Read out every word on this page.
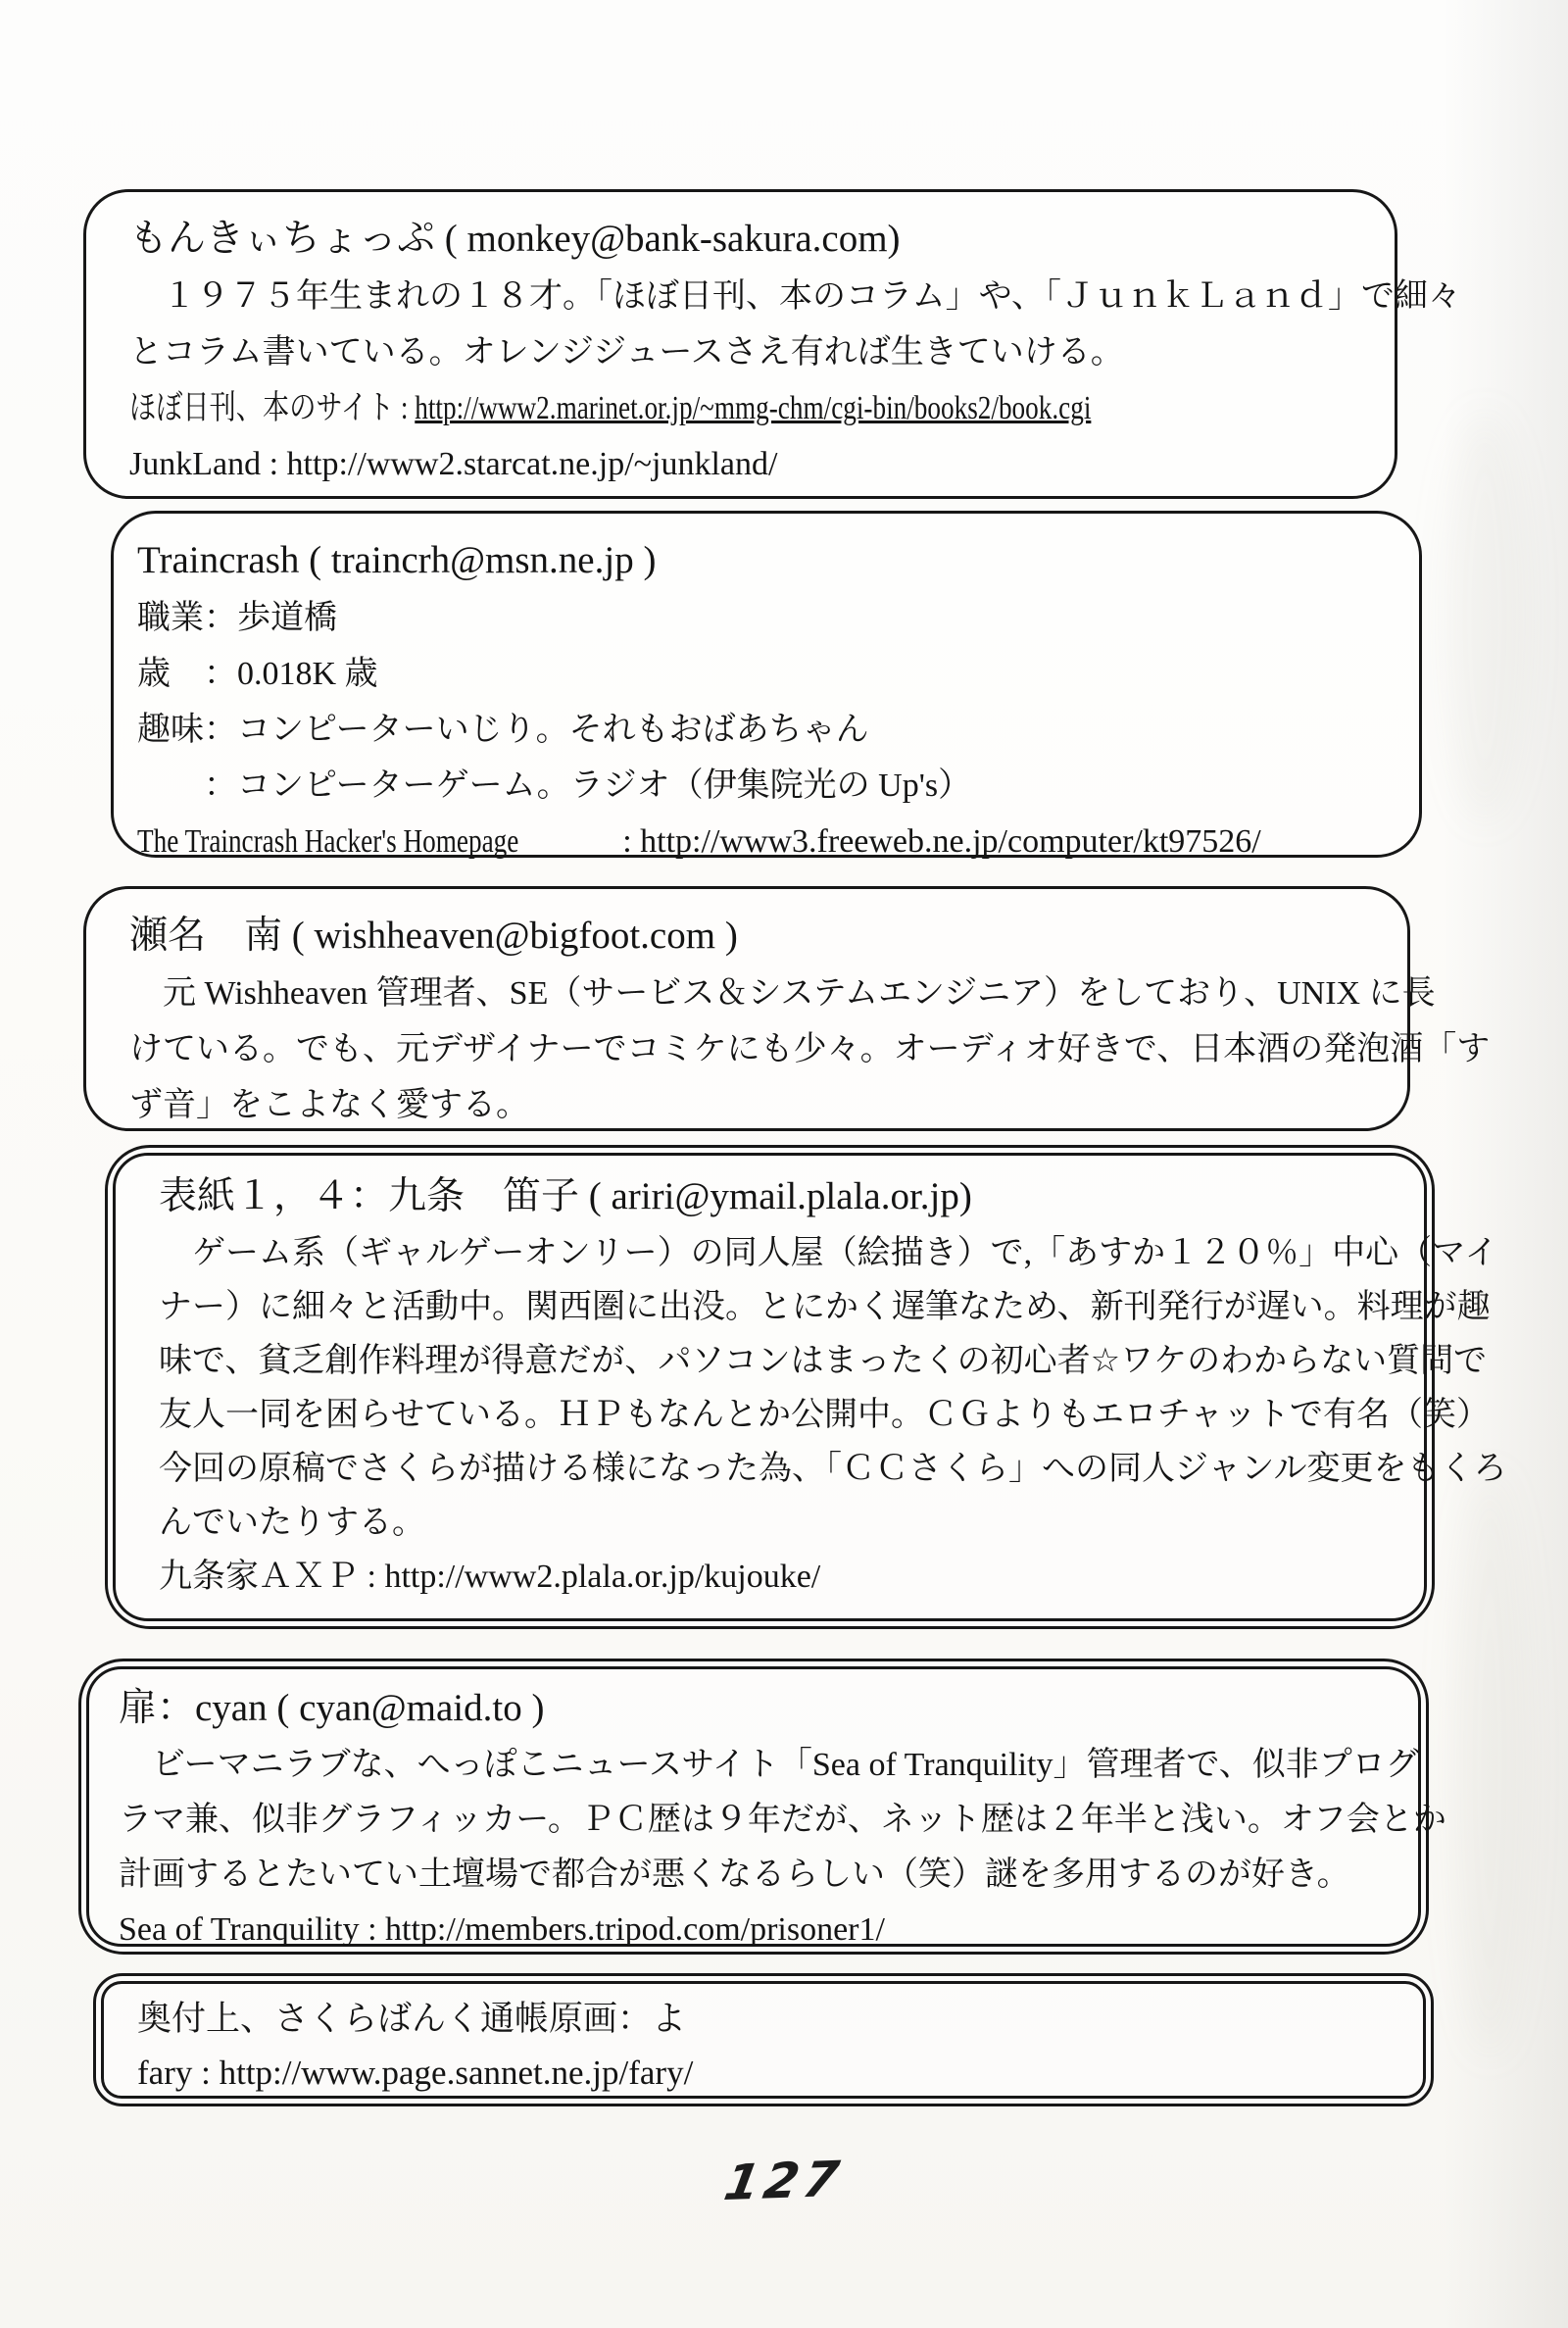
もんきぃちょっぷ ( monkey@bank-sakura.com)
　１９７５年生まれの１８才。「ほぼ日刊、本のコラム」や、「ＪｕｎｋＬａｎｄ」で細々
とコラム書いている。オレンジジュースさえ有れば生きていける。
ほぼ日刊、本のサイト : http://www2.marinet.or.jp/~mmg-chm/cgi-bin/books2/book.cgi
JunkLand : http://www2.starcat.ne.jp/~junkland/
Traincrash ( traincrh@msn.ne.jp )
職業：歩道橋
歳　：0.018K 歳
趣味：コンピーターいじり。それもおばあちゃん
　　：コンピーターゲーム。ラジオ（伊集院光の Up's）
The Traincrash Hacker's Homepage	: http://www3.freeweb.ne.jp/computer/kt97526/
瀬名　南 ( wishheaven@bigfoot.com )
　元 Wishheaven 管理者、SE（サービス＆システムエンジニア）をしており、UNIX に長
けている。でも、元デザイナーでコミケにも少々。オーディオ好きで、日本酒の発泡酒「す
ず音」をこよなく愛する。
表紙１，４：九条　笛子 ( ariri@ymail.plala.or.jp)
　ゲーム系（ギャルゲーオンリー）の同人屋（絵描き）で,「あすか１２０％」中心（マイ
ナー）に細々と活動中。関西圏に出没。とにかく遅筆なため、新刊発行が遅い。料理が趣
味で、貧乏創作料理が得意だが、パソコンはまったくの初心者☆ワケのわからない質問で
友人一同を困らせている。ＨＰもなんとか公開中。ＣＧよりもエロチャットで有名（笑）
今回の原稿でさくらが描ける様になった為、「ＣＣさくら」への同人ジャンル変更をもくろ
んでいたりする。
九条家ＡＸＰ : http://www2.plala.or.jp/kujouke/
扉：cyan ( cyan@maid.to )
　ビーマニラブな、へっぽこニュースサイト「Sea of Tranquility」管理者で、似非プログ
ラマ兼、似非グラフィッカー。ＰＣ歴は９年だが、ネット歴は２年半と浅い。オフ会とか
計画するとたいてい土壇場で都合が悪くなるらしい（笑）謎を多用するのが好き。
Sea of Tranquility : http://members.tripod.com/prisoner1/
奥付上、さくらばんく通帳原画：よ
fary : http://www.page.sannet.ne.jp/fary/
127
